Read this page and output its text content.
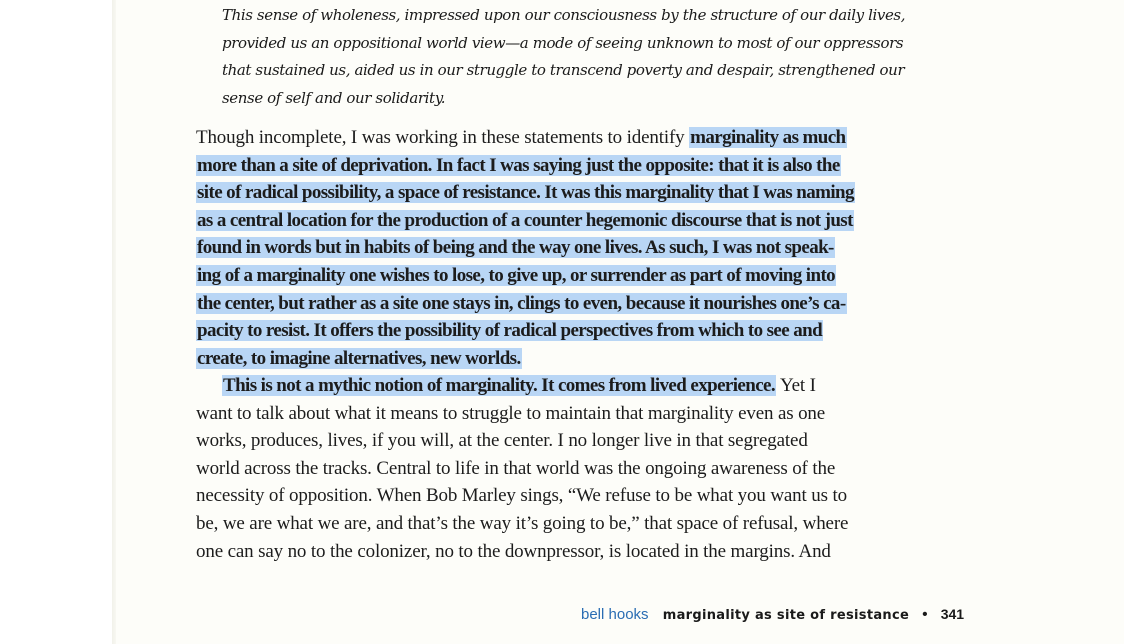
This sense of wholeness, impressed upon our consciousness by the structure of our daily lives,
provided us an oppositional world view—a mode of seeing unknown to most of our oppressors
that sustained us, aided us in our struggle to transcend poverty and despair, strengthened our
sense of self and our solidarity.
Though incomplete, I was working in these statements to identify marginality as much
more than a site of deprivation. In fact I was saying just the opposite: that it is also the
site of radical possibility, a space of resistance. It was this marginality that I was naming
as a central location for the production of a counter hegemonic discourse that is not just
found in words but in habits of being and the way one lives. As such, I was not speak-
ing of a marginality one wishes to lose, to give up, or surrender as part of moving into
the center, but rather as a site one stays in, clings to even, because it nourishes one’s ca-
pacity to resist. It offers the possibility of radical perspectives from which to see and
create, to imagine alternatives, new worlds.
This is not a mythic notion of marginality. It comes from lived experience. Yet I
want to talk about what it means to struggle to maintain that marginality even as one
works, produces, lives, if you will, at the center. I no longer live in that segregated
world across the tracks. Central to life in that world was the ongoing awareness of the
necessity of opposition. When Bob Marley sings, “We refuse to be what you want us to
be, we are what we are, and that’s the way it’s going to be,” that space of refusal, where
one can say no to the colonizer, no to the downpressor, is located in the margins. And
bell hooks marginality as site of resistance • 341
